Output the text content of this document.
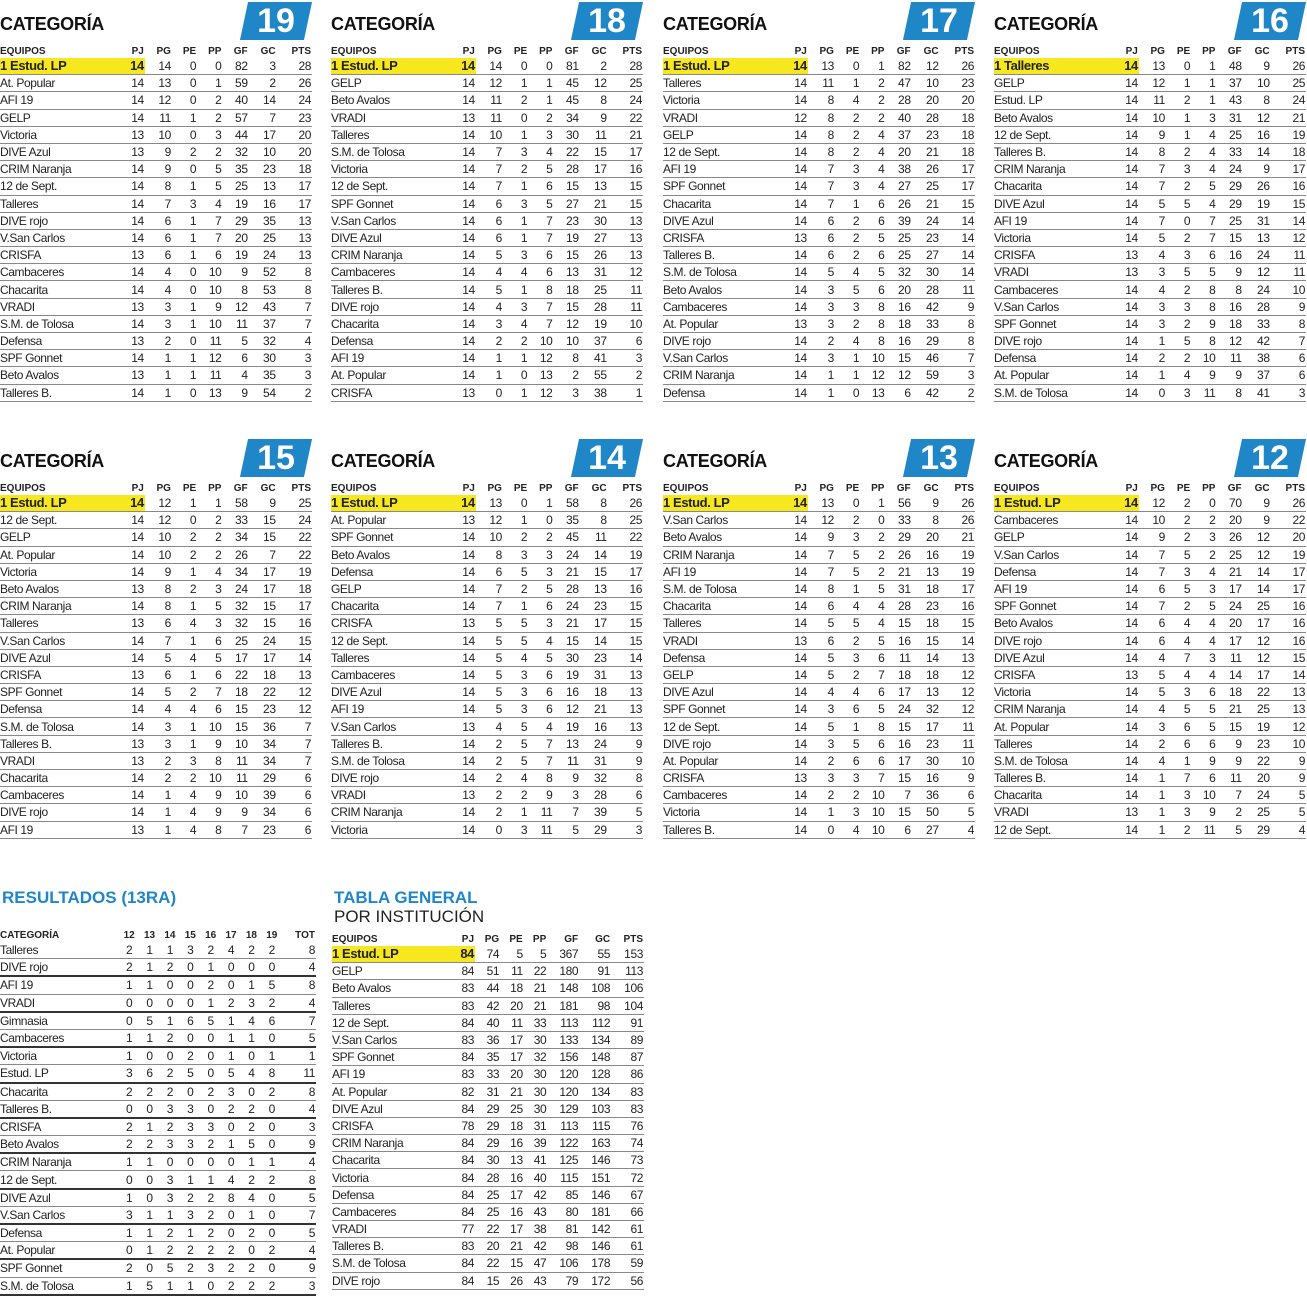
CATEGORÍA	19
EQUIPOS	PJ	PG	PE	PP	GF	GC	PTS
1 Estud. LP	14	14	0	0	82	3	28
At. Popular	14	13	0	1	59	2	26
AFI 19	14	12	0	2	40	14	24
GELP	14	11	1	2	57	7	23
Victoria	13	10	0	3	44	17	20
DIVE Azul	13	9	2	2	32	10	20
CRIM Naranja	14	9	0	5	35	23	18
12 de Sept.	14	8	1	5	25	13	17
Talleres	14	7	3	4	19	16	17
DIVE rojo	14	6	1	7	29	35	13
V.San Carlos	14	6	1	7	20	25	13
CRISFA	13	6	1	6	19	24	13
Cambaceres	14	4	0	10	9	52	8
Chacarita	14	4	0	10	8	53	8
VRADI	13	3	1	9	12	43	7
S.M. de Tolosa	14	3	1	10	11	37	7
Defensa	13	2	0	11	5	32	4
SPF Gonnet	14	1	1	12	6	30	3
Beto Avalos	13	1	1	11	4	35	3
Talleres B.	14	1	0	13	9	54	2
CATEGORÍA	18
EQUIPOS	PJ	PG	PE	PP	GF	GC	PTS
1 Estud. LP	14	14	0	0	81	2	28
GELP	14	12	1	1	45	12	25
Beto Avalos	14	11	2	1	45	8	24
VRADI	13	11	0	2	34	9	22
Talleres	14	10	1	3	30	11	21
S.M. de Tolosa	14	7	3	4	22	15	17
Victoria	14	7	2	5	28	17	16
12 de Sept.	14	7	1	6	15	13	15
SPF Gonnet	14	6	3	5	27	21	15
V.San Carlos	14	6	1	7	23	30	13
DIVE Azul	14	6	1	7	19	27	13
CRIM Naranja	14	5	3	6	15	26	13
Cambaceres	14	4	4	6	13	31	12
Talleres B.	14	5	1	8	18	25	11
DIVE rojo	14	4	3	7	15	28	11
Chacarita	14	3	4	7	12	19	10
Defensa	14	2	2	10	10	37	6
AFI 19	14	1	1	12	8	41	3
At. Popular	14	1	0	13	2	55	2
CRISFA	13	0	1	12	3	38	1
CATEGORÍA	17
EQUIPOS	PJ	PG	PE	PP	GF	GC	PTS
1 Estud. LP	14	13	0	1	82	12	26
Talleres	14	11	1	2	47	10	23
Victoria	14	8	4	2	28	20	20
VRADI	12	8	2	2	40	28	18
GELP	14	8	2	4	37	23	18
12 de Sept.	14	8	2	4	20	21	18
AFI 19	14	7	3	4	38	26	17
SPF Gonnet	14	7	3	4	27	25	17
Chacarita	14	7	1	6	26	21	15
DIVE Azul	14	6	2	6	39	24	14
CRISFA	13	6	2	5	25	23	14
Talleres B.	14	6	2	6	25	27	14
S.M. de Tolosa	14	5	4	5	32	30	14
Beto Avalos	14	3	5	6	20	28	11
Cambaceres	14	3	3	8	16	42	9
At. Popular	13	3	2	8	18	33	8
DIVE rojo	14	2	4	8	16	29	8
V.San Carlos	14	3	1	10	15	46	7
CRIM Naranja	14	1	1	12	12	59	3
Defensa	14	1	0	13	6	42	2
CATEGORÍA	16
EQUIPOS	PJ	PG	PE	PP	GF	GC	PTS
1 Talleres	14	13	0	1	48	9	26
GELP	14	12	1	1	37	10	25
Estud. LP	14	11	2	1	43	8	24
Beto Avalos	14	10	1	3	31	12	21
12 de Sept.	14	9	1	4	25	16	19
Talleres B.	14	8	2	4	33	14	18
CRIM Naranja	14	7	3	4	24	9	17
Chacarita	14	7	2	5	29	26	16
DIVE Azul	14	5	5	4	29	19	15
AFI 19	14	7	0	7	25	31	14
Victoria	14	5	2	7	15	13	12
CRISFA	13	4	3	6	16	24	11
VRADI	13	3	5	5	9	12	11
Cambaceres	14	4	2	8	8	24	10
V.San Carlos	14	3	3	8	16	28	9
SPF Gonnet	14	3	2	9	18	33	8
DIVE rojo	14	1	5	8	12	42	7
Defensa	14	2	2	10	11	38	6
At. Popular	14	1	4	9	9	37	6
S.M. de Tolosa	14	0	3	11	8	41	3
CATEGORÍA	15
EQUIPOS	PJ	PG	PE	PP	GF	GC	PTS
1 Estud. LP	14	12	1	1	58	9	25
12 de Sept.	14	12	0	2	33	15	24
GELP	14	10	2	2	34	15	22
At. Popular	14	10	2	2	26	7	22
Victoria	14	9	1	4	34	17	19
Beto Avalos	13	8	2	3	24	17	18
CRIM Naranja	14	8	1	5	32	15	17
Talleres	13	6	4	3	32	15	16
V.San Carlos	14	7	1	6	25	24	15
DIVE Azul	14	5	4	5	17	17	14
CRISFA	13	6	1	6	22	18	13
SPF Gonnet	14	5	2	7	18	22	12
Defensa	14	4	4	6	15	23	12
S.M. de Tolosa	14	3	1	10	15	36	7
Talleres B.	13	3	1	9	10	34	7
VRADI	13	2	3	8	11	34	7
Chacarita	14	2	2	10	11	29	6
Cambaceres	14	1	4	9	10	39	6
DIVE rojo	14	1	4	9	9	34	6
AFI 19	13	1	4	8	7	23	6
CATEGORÍA	14
EQUIPOS	PJ	PG	PE	PP	GF	GC	PTS
1 Estud. LP	14	13	0	1	58	8	26
At. Popular	13	12	1	0	35	8	25
SPF Gonnet	14	10	2	2	45	11	22
Beto Avalos	14	8	3	3	24	14	19
Defensa	14	6	5	3	21	15	17
GELP	14	7	2	5	28	13	16
Chacarita	14	7	1	6	24	23	15
CRISFA	13	5	5	3	21	17	15
12 de Sept.	14	5	5	4	15	14	15
Talleres	14	5	4	5	30	23	14
Cambaceres	14	5	3	6	19	31	13
DIVE Azul	14	5	3	6	16	18	13
AFI 19	14	5	3	6	12	21	13
V.San Carlos	13	4	5	4	19	16	13
Talleres B.	14	2	5	7	13	24	9
S.M. de Tolosa	14	2	5	7	11	31	9
DIVE rojo	14	2	4	8	9	32	8
VRADI	13	2	2	9	3	28	6
CRIM Naranja	14	2	1	11	7	39	5
Victoria	14	0	3	11	5	29	3
CATEGORÍA	13
EQUIPOS	PJ	PG	PE	PP	GF	GC	PTS
1 Estud. LP	14	13	0	1	56	9	26
V.San Carlos	14	12	2	0	33	8	26
Beto Avalos	14	9	3	2	29	20	21
CRIM Naranja	14	7	5	2	26	16	19
AFI 19	14	7	5	2	21	13	19
S.M. de Tolosa	14	8	1	5	31	18	17
Chacarita	14	6	4	4	28	23	16
Talleres	14	5	5	4	15	18	15
VRADI	13	6	2	5	16	15	14
Defensa	14	5	3	6	11	14	13
GELP	14	5	2	7	18	18	12
DIVE Azul	14	4	4	6	17	13	12
SPF Gonnet	14	3	6	5	24	32	12
12 de Sept.	14	5	1	8	15	17	11
DIVE rojo	14	3	5	6	16	23	11
At. Popular	14	2	6	6	17	30	10
CRISFA	13	3	3	7	15	16	9
Cambaceres	14	2	2	10	7	36	6
Victoria	14	1	3	10	15	50	5
Talleres B.	14	0	4	10	6	27	4
CATEGORÍA	12
EQUIPOS	PJ	PG	PE	PP	GF	GC	PTS
1 Estud. LP	14	12	2	0	70	9	26
Cambaceres	14	10	2	2	20	9	22
GELP	14	9	2	3	26	12	20
V.San Carlos	14	7	5	2	25	12	19
Defensa	14	7	3	4	21	14	17
AFI 19	14	6	5	3	17	14	17
SPF Gonnet	14	7	2	5	24	25	16
Beto Avalos	14	6	4	4	20	17	16
DIVE rojo	14	6	4	4	17	12	16
DIVE Azul	14	4	7	3	11	12	15
CRISFA	13	5	4	4	14	17	14
Victoria	14	5	3	6	18	22	13
CRIM Naranja	14	4	5	5	21	25	13
At. Popular	14	3	6	5	15	19	12
Talleres	14	2	6	6	9	23	10
S.M. de Tolosa	14	4	1	9	9	22	9
Talleres B.	14	1	7	6	11	20	9
Chacarita	14	1	3	10	7	24	5
VRADI	13	1	3	9	2	25	5
12 de Sept.	14	1	2	11	5	29	4
RESULTADOS (13RA)
CATEGORÍA	12	13	14	15	16	17	18	19	TOT
Talleres	2	1	1	3	2	4	2	2	8
DIVE rojo	2	1	2	0	1	0	0	0	4
AFI 19	1	1	0	0	2	0	1	5	8
VRADI	0	0	0	0	1	2	3	2	4
Gimnasia	0	5	1	6	5	1	4	6	7
Cambaceres	1	1	2	0	0	1	1	0	5
Victoria	1	0	0	2	0	1	0	1	1
Estud. LP	3	6	2	5	0	5	4	8	11
Chacarita	2	2	2	0	2	3	0	2	8
Talleres B.	0	0	3	3	0	2	2	0	4
CRISFA	2	1	2	3	3	0	2	0	3
Beto Avalos	2	2	3	3	2	1	5	0	9
CRIM Naranja	1	1	0	0	0	0	1	1	4
12 de Sept.	0	0	3	1	1	4	2	2	8
DIVE Azul	1	0	3	2	2	8	4	0	5
V.San Carlos	3	1	1	3	2	0	1	0	7
Defensa	1	1	2	1	2	0	2	0	5
At. Popular	0	1	2	2	2	2	0	2	4
SPF Gonnet	2	0	5	2	3	2	2	0	9
S.M. de Tolosa	1	5	1	1	0	2	2	2	3
TABLA GENERAL
POR INSTITUCIÓN
EQUIPOS	PJ	PG	PE	PP	GF	GC	PTS
1 Estud. LP	84	74	5	5	367	55	153
GELP	84	51	11	22	180	91	113
Beto Avalos	83	44	18	21	148	108	106
Talleres	83	42	20	21	181	98	104
12 de Sept.	84	40	11	33	113	112	91
V.San Carlos	83	36	17	30	133	134	89
SPF Gonnet	84	35	17	32	156	148	87
AFI 19	83	33	20	30	120	128	86
At. Popular	82	31	21	30	120	134	83
DIVE Azul	84	29	25	30	129	103	83
CRISFA	78	29	18	31	113	115	76
CRIM Naranja	84	29	16	39	122	163	74
Chacarita	84	30	13	41	125	146	73
Victoria	84	28	16	40	115	151	72
Defensa	84	25	17	42	85	146	67
Cambaceres	84	25	16	43	80	181	66
VRADI	77	22	17	38	81	142	61
Talleres B.	83	20	21	42	98	146	61
S.M. de Tolosa	84	22	15	47	106	178	59
DIVE rojo	84	15	26	43	79	172	56
